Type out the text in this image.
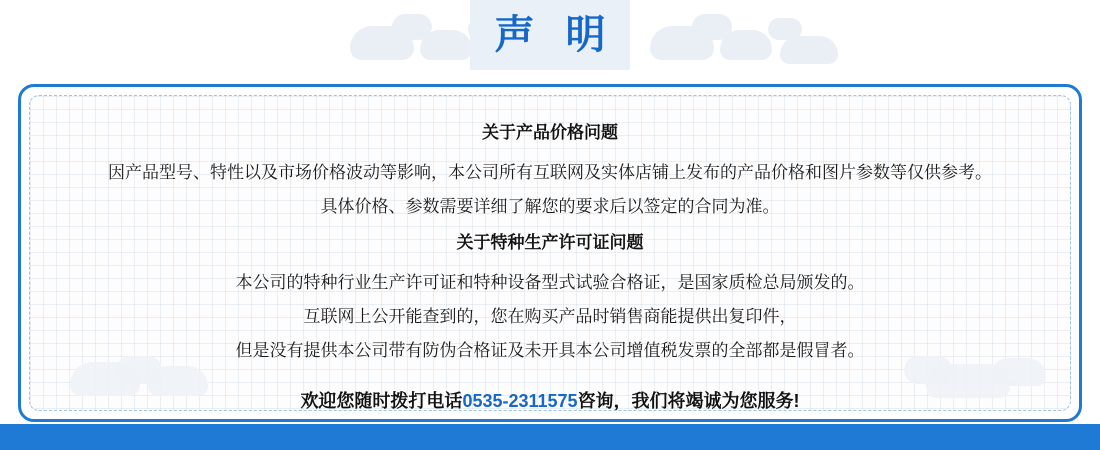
声 明
关于产品价格问题

因产品型号、特性以及市场价格波动等影响，本公司所有互联网及实体店铺上发布的产品价格和图片参数等仅供参考。

具体价格、参数需要详细了解您的要求后以签定的合同为准。

关于特种生产许可证问题

本公司的特种行业生产许可证和特种设备型式试验合格证，是国家质检总局颁发的。

互联网上公开能查到的，您在购买产品时销售商能提供出复印件，

但是没有提供本公司带有防伪合格证及未开具本公司增值税发票的全部都是假冒者。

欢迎您随时拨打电话0535-2311575咨询，我们将竭诚为您服务!
